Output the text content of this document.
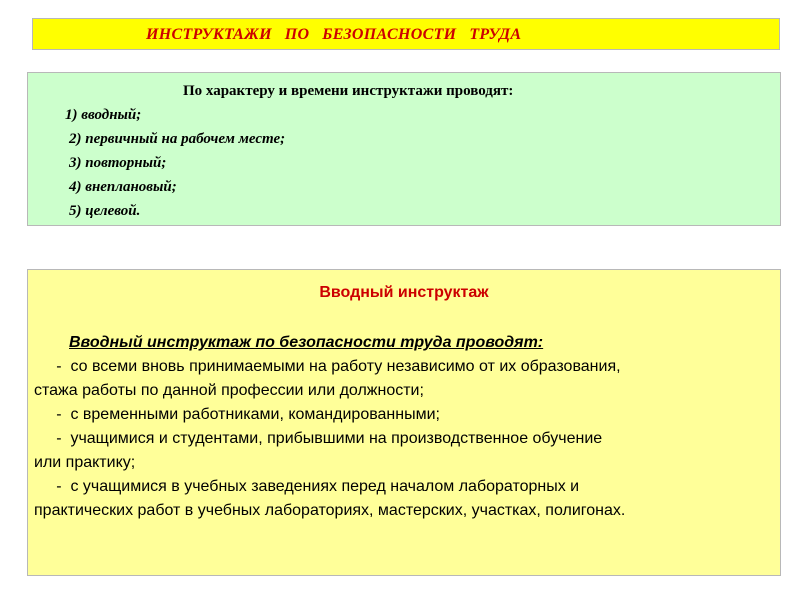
ИНСТРУКТАЖИ   ПО   БЕЗОПАСНОСТИ   ТРУДА
По характеру и времени инструктажи проводят:
1) вводный;
2) первичный на рабочем месте;
3) повторный;
4) внеплановый;
5) целевой.
Вводный инструктаж
Вводный инструктаж по безопасности труда проводят:
-  со всеми вновь принимаемыми на работу независимо от их образования,
стажа работы по данной профессии или должности;
-  с временными работниками, командированными;
-  учащимися и студентами, прибывшими на производственное обучение
или практику;
-  с учащимися в учебных заведениях перед началом лабораторных и
практических работ в учебных лабораториях, мастерских, участках, полигонах.
